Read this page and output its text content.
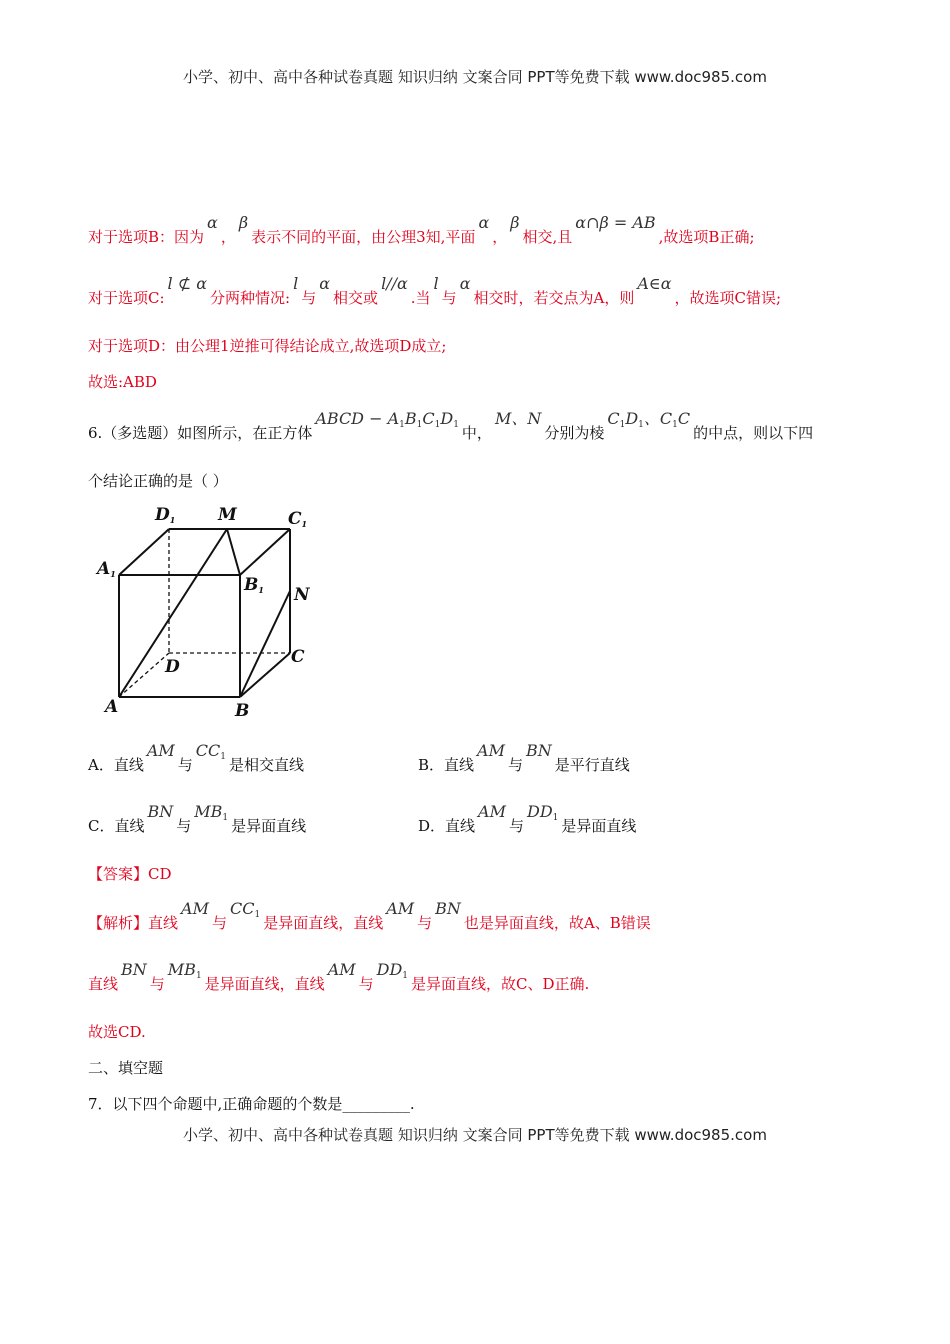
小学、初中、高中各种试卷真题 知识归纳 文案合同 PPT等免费下载 www.doc985.com
对于选项B：因为α，β表示不同的平面，由公理3知,平面α，β相交,且α∩β = AB,故选项B正确;
对于选项C:l ⊄ α分两种情况:l与α相交或l//α.当l与α相交时，若交点为A，则A∈α，故选项C错误;
对于选项D：由公理1逆推可得结论成立,故选项D成立;
故选:ABD
6.（多选题）如图所示，在正方体ABCD − $A_1B_1C_1D_1$ 中，M、N分别为棱$C_1D_1$、$C_1C$的中点，则以下四
个结论正确的是（ ）
D1	M	C1
A1
B1 N
D	C
A	B
A．直线AM与$CC_1$ 是相交直线	B．直线AM与BN是平行直线
C．直线BN与$MB_1$ 是异面直线	D．直线AM与$DD_1$ 是异面直线
【答案】CD
【解析】直线AM与$CC_1$ 是异面直线，直线AM与BN也是异面直线，故A、B错误
直线BN与$MB_1$ 是异面直线，直线AM与$DD_1$ 是异面直线，故C、D正确.
故选CD.
二、填空题
7．以下四个命题中,正确命题的个数是_________.
小学、初中、高中各种试卷真题 知识归纳 文案合同 PPT等免费下载 www.doc985.com
